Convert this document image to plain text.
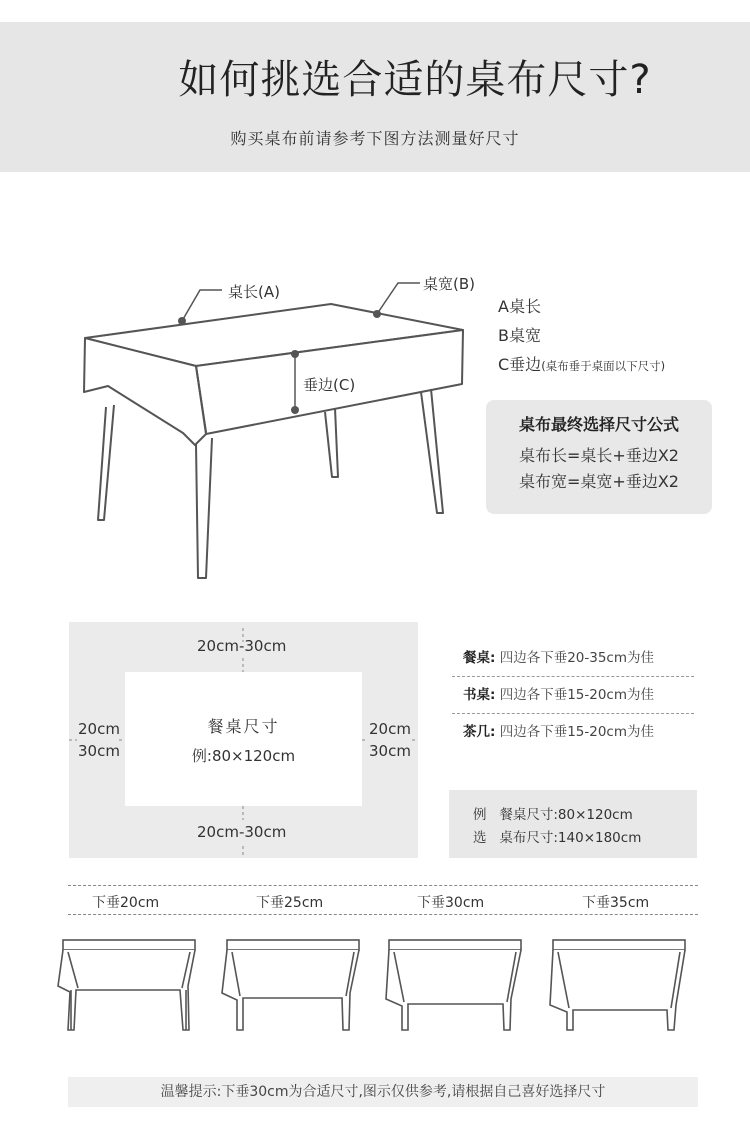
如何挑选合适的桌布尺寸?
购买桌布前请参考下图方法测量好尺寸
桌长(A)	桌宽(B)
垂边(C)
A桌长
B桌宽
C垂边(桌布垂于桌面以下尺寸)
桌布最终选择尺寸公式
桌布长=桌长+垂边X2
桌布宽=桌宽+垂边X2
餐桌尺寸
例:80×120cm
20cm-30cm
20cm-30cm
20cm
30cm
20cm
30cm
餐桌: 四边各下垂20-35cm为佳
书桌: 四边各下垂15-20cm为佳
茶几: 四边各下垂15-20cm为佳
例 餐桌尺寸:80×120cm
选 桌布尺寸:140×180cm
下垂20cm	下垂25cm	下垂30cm	下垂35cm
温馨提示:下垂30cm为合适尺寸,图示仅供参考,请根据自己喜好选择尺寸
